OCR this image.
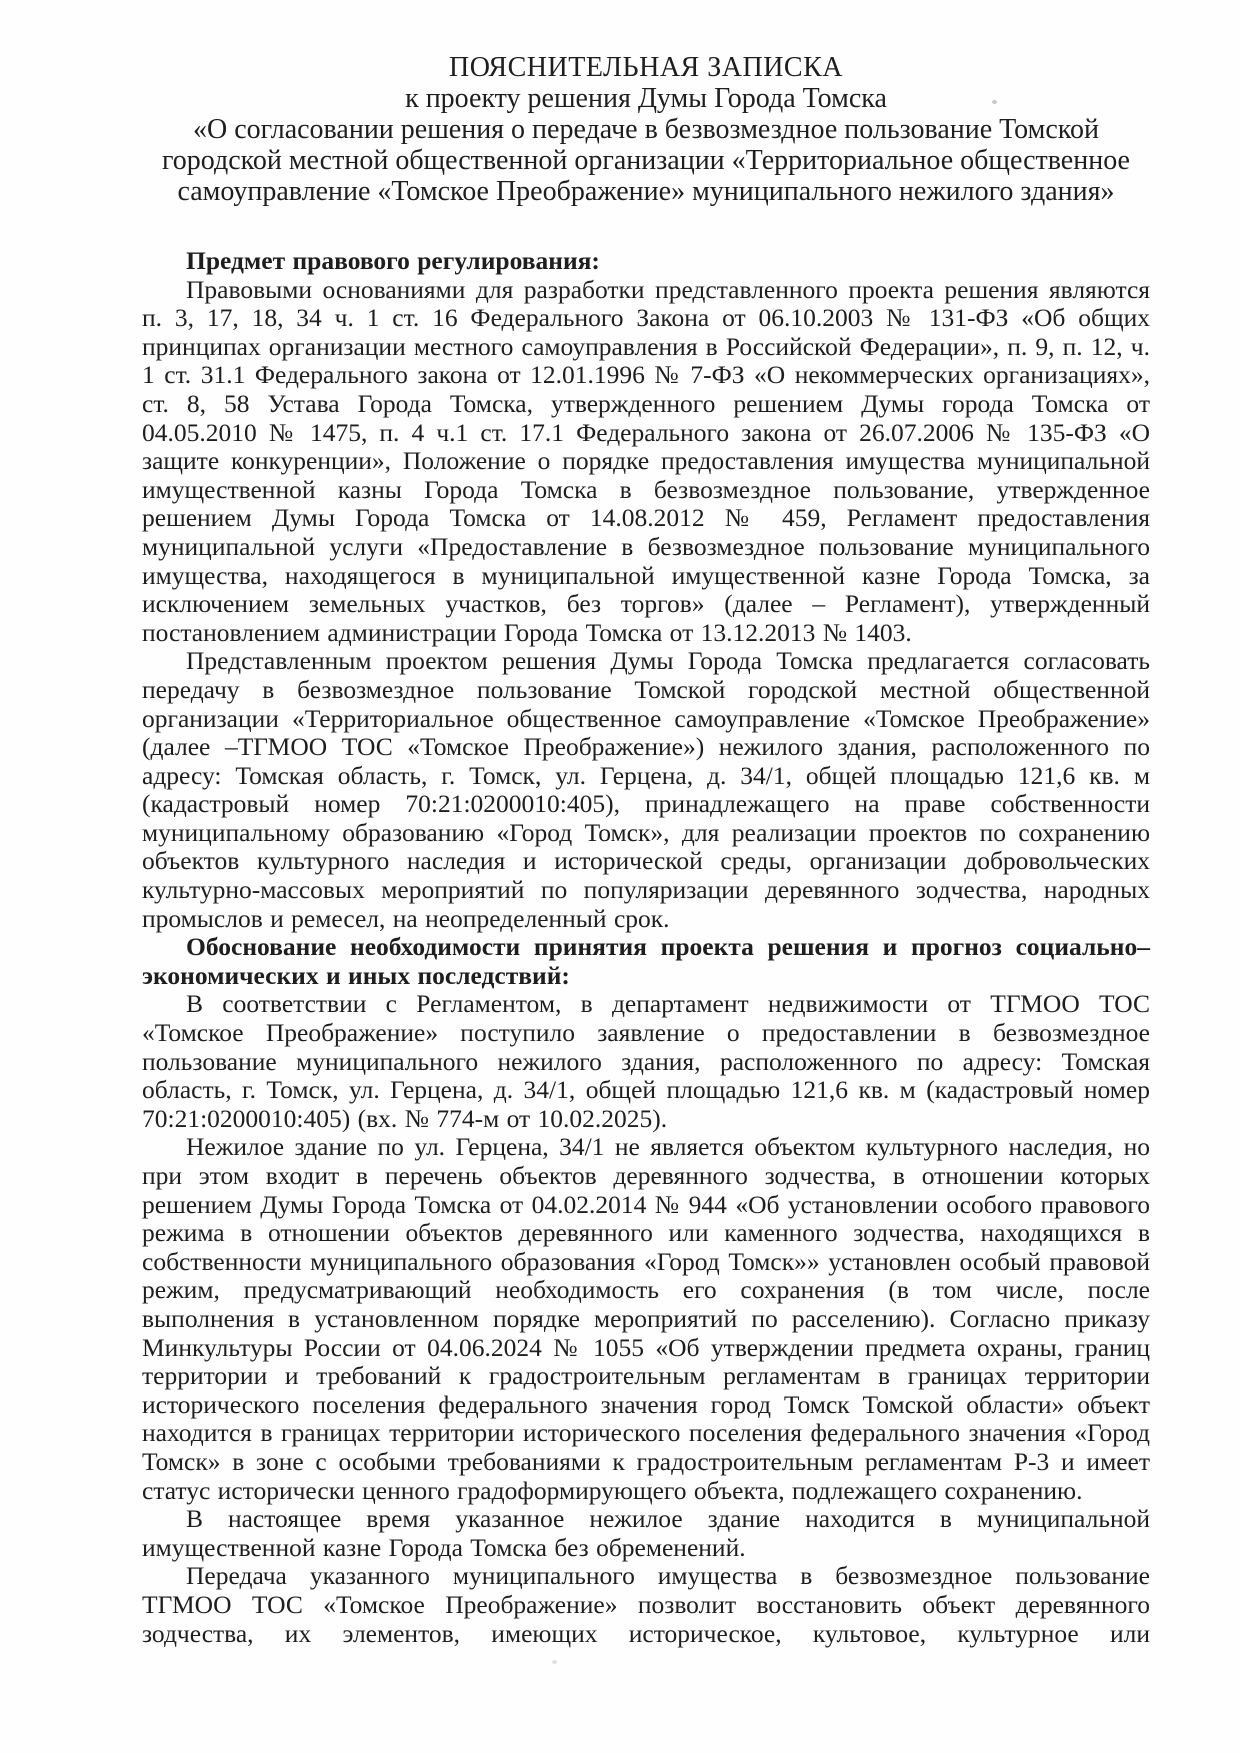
ПОЯСНИТЕЛЬНАЯ ЗАПИСКА

к проекту решения Думы Города Томска

«О согласовании решения о передаче в безвозмездное пользование Томской городской местной общественной организации «Территориальное общественное самоуправление «Томское Преображение» муниципального нежилого здания»

Предмет правового регулирования:

Правовыми основаниями для разработки представленного проекта решения являются п. 3, 17, 18, 34 ч. 1 ст. 16 Федерального Закона от 06.10.2003 № 131-ФЗ «Об общих принципах организации местного самоуправления в Российской Федерации», п. 9, п. 12, ч. 1 ст. 31.1 Федерального закона от 12.01.1996 № 7-ФЗ «О некоммерческих организациях», ст. 8, 58 Устава Города Томска, утвержденного решением Думы города Томска от 04.05.2010 № 1475, п. 4 ч.1 ст. 17.1 Федерального закона от 26.07.2006 № 135-ФЗ «О защите конкуренции», Положение о порядке предоставления имущества муниципальной имущественной казны Города Томска в безвозмездное пользование, утвержденное решением Думы Города Томска от 14.08.2012 № 459, Регламент предоставления муниципальной услуги «Предоставление в безвозмездное пользование муниципального имущества, находящегося в муниципальной имущественной казне Города Томска, за исключением земельных участков, без торгов» (далее – Регламент), утвержденный постановлением администрации Города Томска от 13.12.2013 № 1403.

Представленным проектом решения Думы Города Томска предлагается согласовать передачу в безвозмездное пользование Томской городской местной общественной организации «Территориальное общественное самоуправление «Томское Преображение» (далее –ТГМОО ТОС «Томское Преображение») нежилого здания, расположенного по адресу: Томская область, г. Томск, ул. Герцена, д. 34/1, общей площадью 121,6 кв. м (кадастровый номер 70:21:0200010:405), принадлежащего на праве собственности муниципальному образованию «Город Томск», для реализации проектов по сохранению объектов культурного наследия и исторической среды, организации добровольческих культурно-массовых мероприятий по популяризации деревянного зодчества, народных промыслов и ремесел, на неопределенный срок.

Обоснование необходимости принятия проекта решения и прогноз социально–экономических и иных последствий:

В соответствии с Регламентом, в департамент недвижимости от ТГМОО ТОС «Томское Преображение» поступило заявление о предоставлении в безвозмездное пользование муниципального нежилого здания, расположенного по адресу: Томская область, г. Томск, ул. Герцена, д. 34/1, общей площадью 121,6 кв. м (кадастровый номер 70:21:0200010:405) (вх. № 774-м от 10.02.2025).

Нежилое здание по ул. Герцена, 34/1 не является объектом культурного наследия, но при этом входит в перечень объектов деревянного зодчества, в отношении которых решением Думы Города Томска от 04.02.2014 № 944 «Об установлении особого правового режима в отношении объектов деревянного или каменного зодчества, находящихся в собственности муниципального образования «Город Томск»» установлен особый правовой режим, предусматривающий необходимость его сохранения (в том числе, после выполнения в установленном порядке мероприятий по расселению). Согласно приказу Минкультуры России от 04.06.2024 № 1055 «Об утверждении предмета охраны, границ территории и требований к градостроительным регламентам в границах территории исторического поселения федерального значения город Томск Томской области» объект находится в границах территории исторического поселения федерального значения «Город Томск» в зоне с особыми требованиями к градостроительным регламентам Р-3 и имеет статус исторически ценного градоформирующего объекта, подлежащего сохранению.

В настоящее время указанное нежилое здание находится в муниципальной имущественной казне Города Томска без обременений.

Передача указанного муниципального имущества в безвозмездное пользование ТГМОО ТОС «Томское Преображение» позволит восстановить объект деревянного зодчества, их элементов, имеющих историческое, культовое, культурное или
